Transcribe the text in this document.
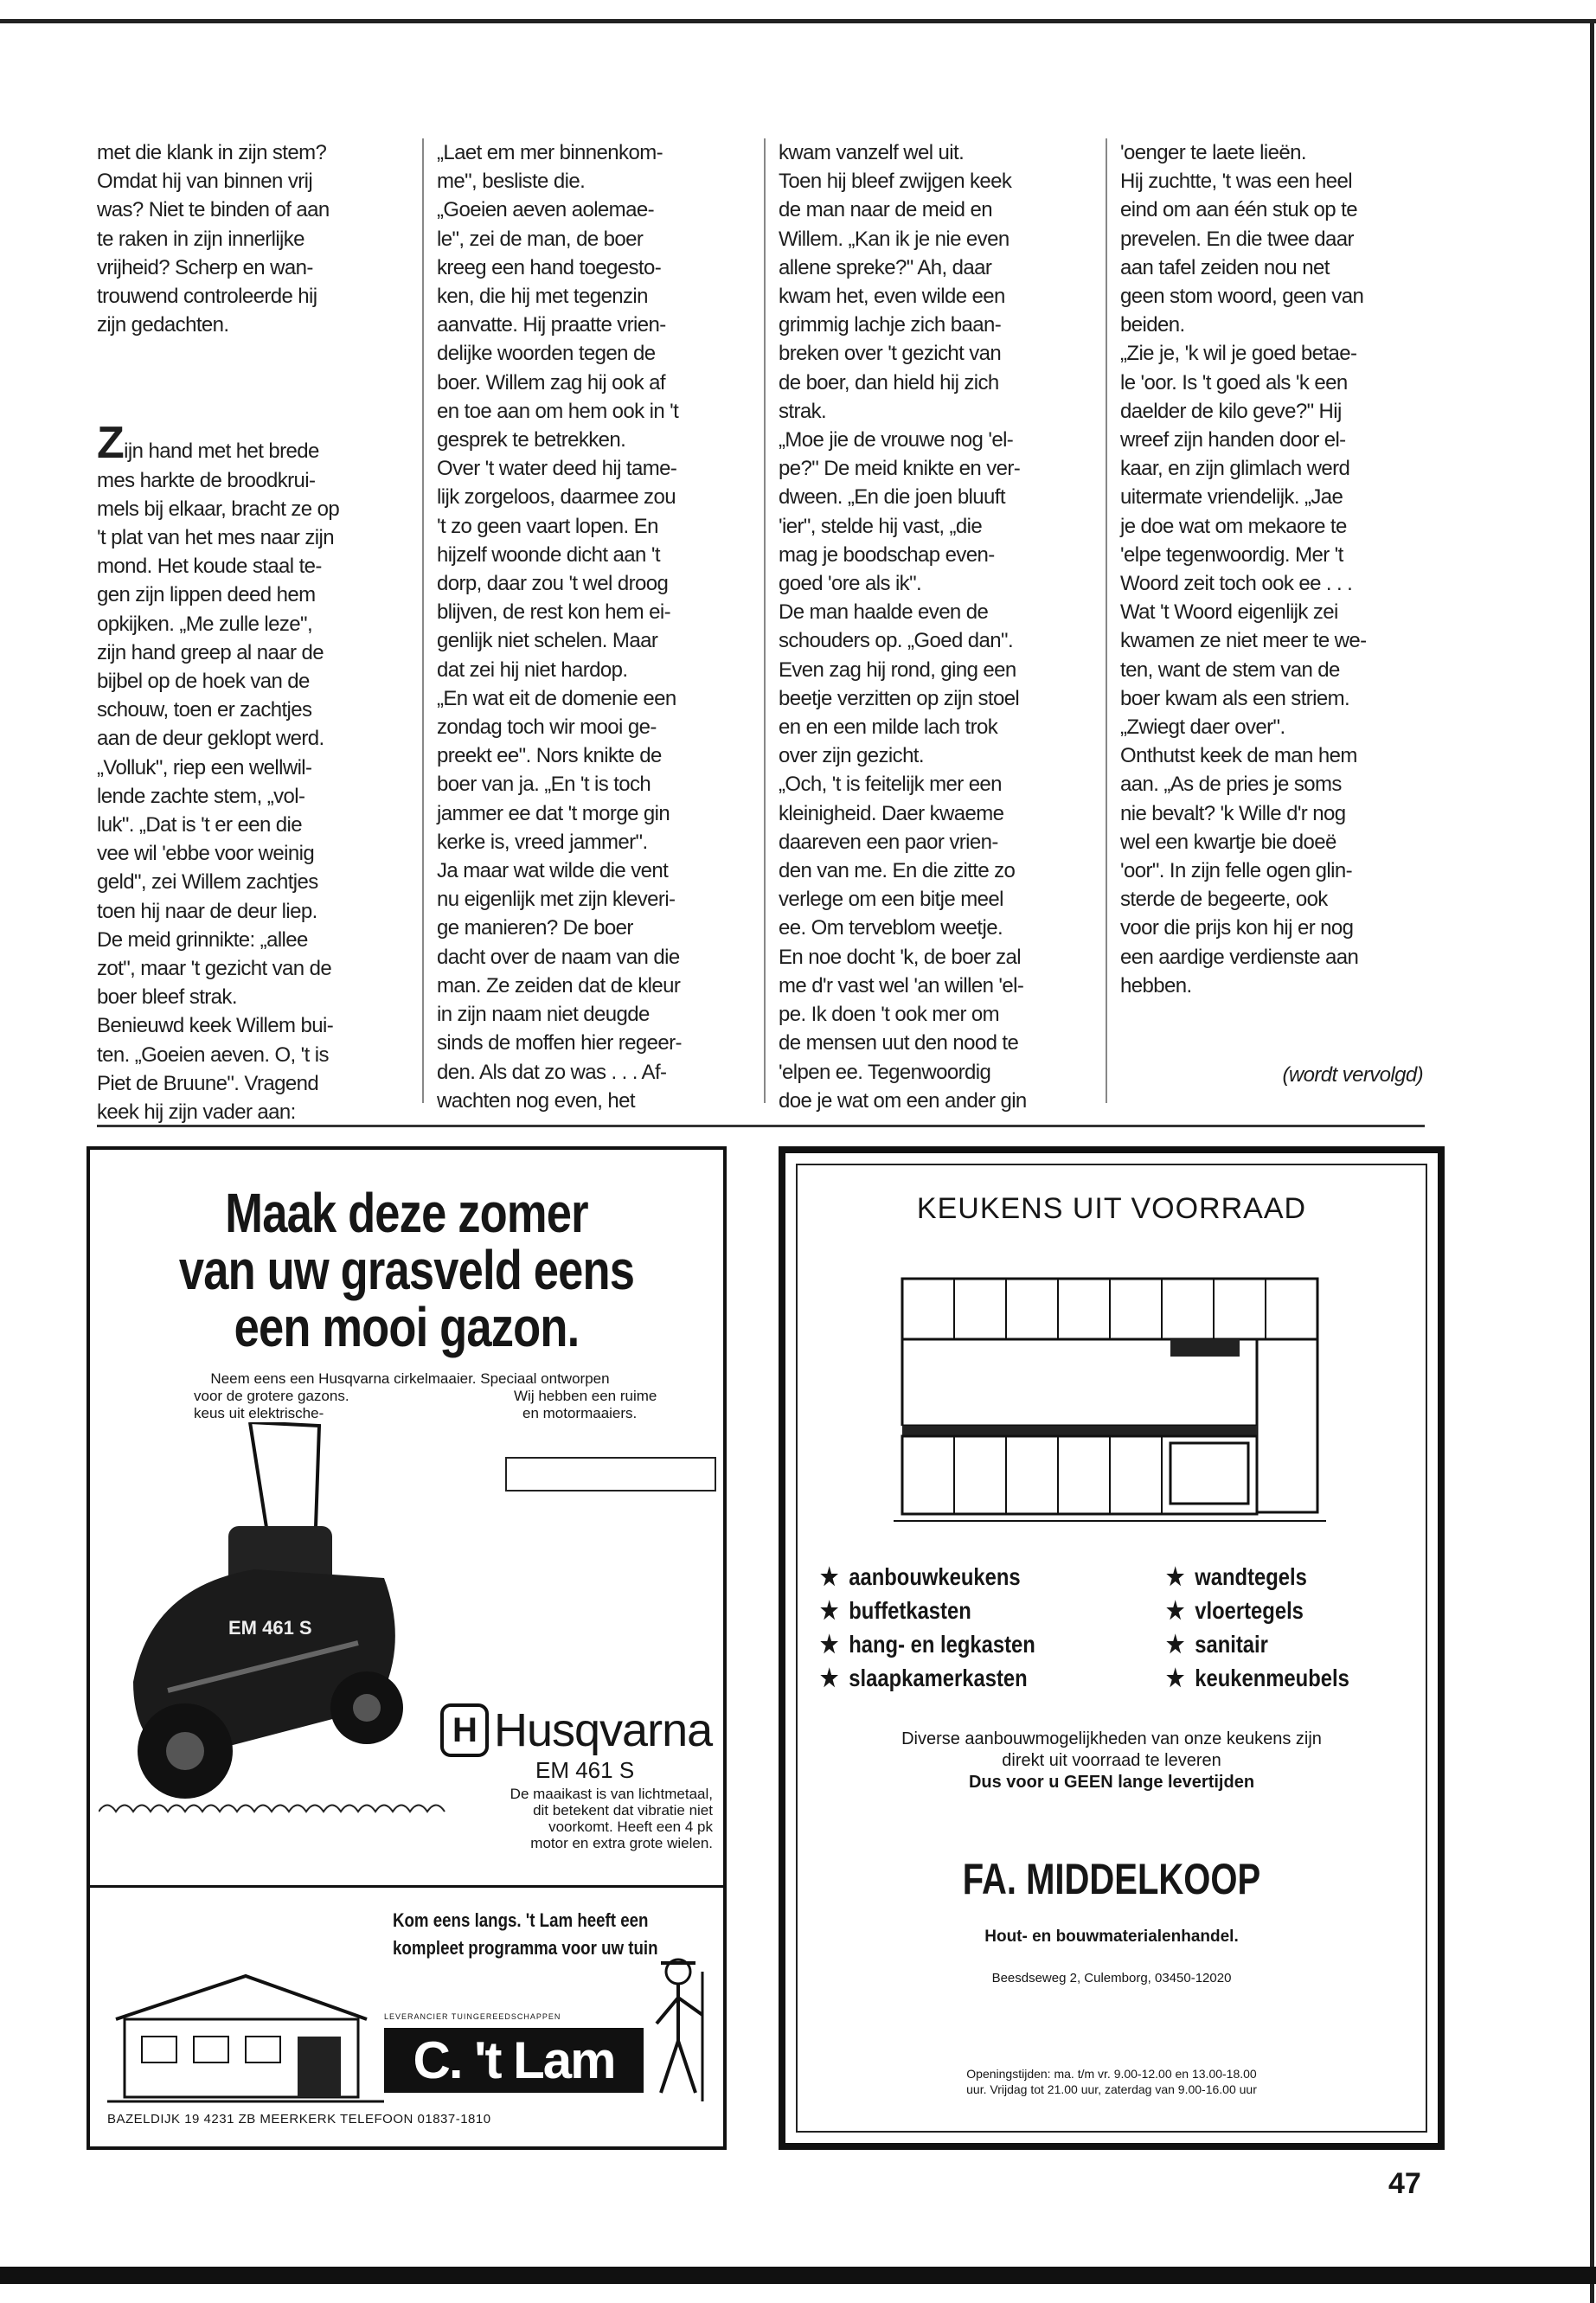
met die klank in zijn stem?

Omdat hij van binnen vrij

was? Niet te binden of aan

te raken in zijn innerlijke

vrijheid? Scherp en wan-

trouwend controleerde hij

zijn gedachten.

Zijn hand met het brede

mes harkte de broodkrui-

mels bij elkaar, bracht ze op

't plat van het mes naar zijn

mond. Het koude staal te-

gen zijn lippen deed hem

opkijken. „Me zulle leze",

zijn hand greep al naar de

bijbel op de hoek van de

schouw, toen er zachtjes

aan de deur geklopt werd.

„Volluk", riep een wellwil-

lende zachte stem, „vol-

luk". „Dat is 't er een die

vee wil 'ebbe voor weinig

geld", zei Willem zachtjes

toen hij naar de deur liep.

De meid grinnikte: „allee

zot", maar 't gezicht van de

boer bleef strak.

Benieuwd keek Willem bui-

ten. „Goeien aeven. O, 't is

Piet de Bruune". Vragend

keek hij zijn vader aan:

„Laet em mer binnenkom-

me", besliste die.

„Goeien aeven aolemae-

le", zei de man, de boer

kreeg een hand toegesto-

ken, die hij met tegenzin

aanvatte. Hij praatte vrien-

delijke woorden tegen de

boer. Willem zag hij ook af

en toe aan om hem ook in 't

gesprek te betrekken.

Over 't water deed hij tame-

lijk zorgeloos, daarmee zou

't zo geen vaart lopen. En

hijzelf woonde dicht aan 't

dorp, daar zou 't wel droog

blijven, de rest kon hem ei-

genlijk niet schelen. Maar

dat zei hij niet hardop.

„En wat eit de domenie een

zondag toch wir mooi ge-

preekt ee". Nors knikte de

boer van ja. „En 't is toch

jammer ee dat 't morge gin

kerke is, vreed jammer".

Ja maar wat wilde die vent

nu eigenlijk met zijn kleveri-

ge manieren? De boer

dacht over de naam van die

man. Ze zeiden dat de kleur

in zijn naam niet deugde

sinds de moffen hier regeer-

den. Als dat zo was . . . Af-

wachten nog even, het

kwam vanzelf wel uit.

Toen hij bleef zwijgen keek

de man naar de meid en

Willem. „Kan ik je nie even

allene spreke?" Ah, daar

kwam het, even wilde een

grimmig lachje zich baan-

breken over 't gezicht van

de boer, dan hield hij zich

strak.

„Moe jie de vrouwe nog 'el-

pe?" De meid knikte en ver-

dween. „En die joen bluuft

'ier", stelde hij vast, „die

mag je boodschap even-

goed 'ore als ik".

De man haalde even de

schouders op. „Goed dan".

Even zag hij rond, ging een

beetje verzitten op zijn stoel

en en een milde lach trok

over zijn gezicht.

„Och, 't is feitelijk mer een

kleinigheid. Daer kwaeme

daareven een paor vrien-

den van me. En die zitte zo

verlege om een bitje meel

ee. Om terveblom weetje.

En noe docht 'k, de boer zal

me d'r vast wel 'an willen 'el-

pe. Ik doen 't ook mer om

de mensen uut den nood te

'elpen ee. Tegenwoordig

doe je wat om een ander gin

'oenger te laete lieën.

Hij zuchtte, 't was een heel

eind om aan één stuk op te

prevelen. En die twee daar

aan tafel zeiden nou net

geen stom woord, geen van

beiden.

„Zie je, 'k wil je goed betae-

le 'oor. Is 't goed als 'k een

daelder de kilo geve?" Hij

wreef zijn handen door el-

kaar, en zijn glimlach werd

uitermate vriendelijk. „Jae

je doe wat om mekaore te

'elpe tegenwoordig. Mer 't

Woord zeit toch ook ee . . .

Wat 't Woord eigenlijk zei

kwamen ze niet meer te we-

ten, want de stem van de

boer kwam als een striem.

„Zwiegt daer over".

Onthutst keek de man hem

aan. „As de pries je soms

nie bevalt? 'k Wille d'r nog

wel een kwartje bie doeë

'oor". In zijn felle ogen glin-

sterde de begeerte, ook

voor die prijs kon hij er nog

een aardige verdienste aan

hebben.

(wordt vervolgd)

Maak deze zomer
van uw grasveld eens
een mooi gazon.
Neem eens een Husqvarna cirkelmaaier. Speciaal ontworpen
voor de grotere gazons.
keus uit elektrische-
Wij hebben een ruime
en motormaaiers.
EM 461 S
H Husqvarna
EM 461 S
De maaikast is van lichtmetaal,
dit betekent dat vibratie niet
voorkomt. Heeft een 4 pk
motor en extra grote wielen.
Kom eens langs. 't Lam heeft een
kompleet programma voor uw tuin
LEVERANCIER TUINGEREEDSCHAPPEN
C. 't Lam
BAZELDIJK 19 4231 ZB MEERKERK TELEFOON 01837-1810
KEUKENS UIT VOORRAAD
★ aanbouwkeukens
★ buffetkasten
★ hang- en legkasten
★ slaapkamerkasten
★ wandtegels
★ vloertegels
★ sanitair
★ keukenmeubels
Diverse aanbouwmogelijkheden van onze keukens zijn
direkt uit voorraad te leveren
Dus voor u GEEN lange levertijden
FA. MIDDELKOOP
Hout- en bouwmaterialenhandel.
Beesdseweg 2, Culemborg, 03450-12020
Openingstijden: ma. t/m vr. 9.00-12.00 en 13.00-18.00
uur. Vrijdag tot 21.00 uur, zaterdag van 9.00-16.00 uur
47
